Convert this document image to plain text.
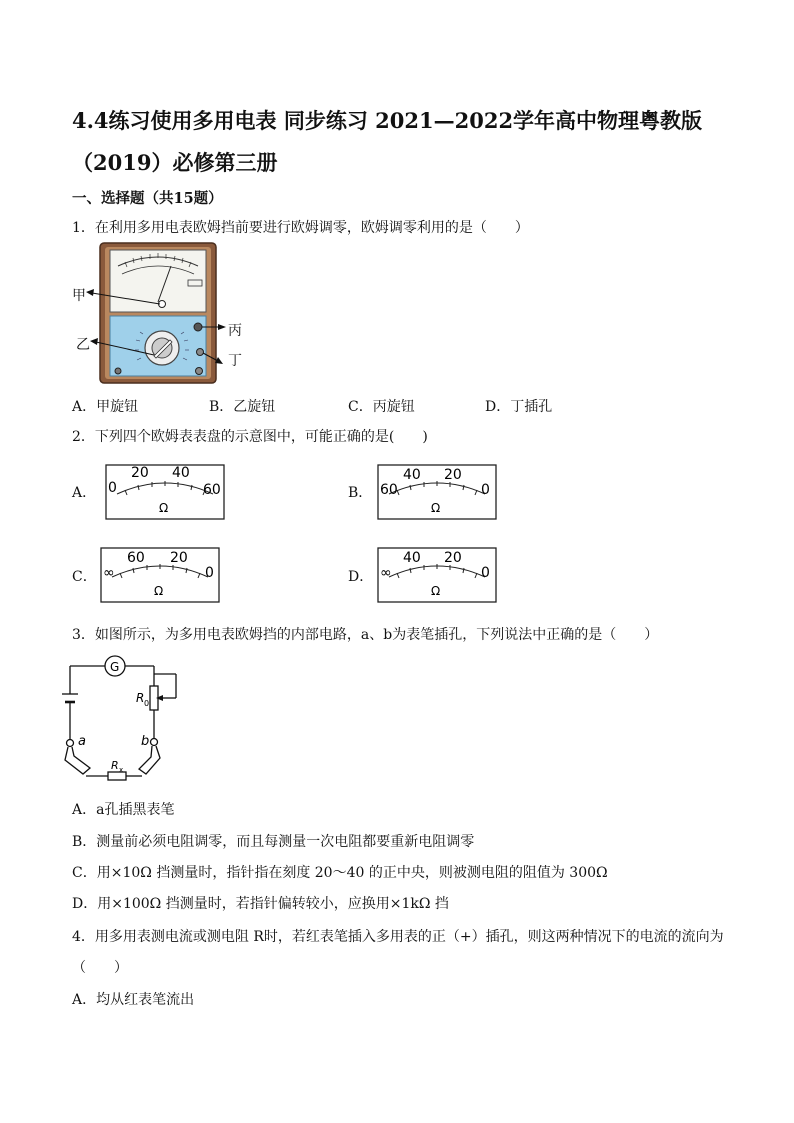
4.4练习使用多用电表 同步练习 2021—2022学年高中物理粤教版
（2019）必修第三册
一、选择题（共15题）
1．在利用多用电表欧姆挡前要进行欧姆调零，欧姆调零利用的是（　　）
甲
乙
丙
丁
A．甲旋钮	B．乙旋钮	C．丙旋钮	D．丁插孔
2．下列四个欧姆表表盘的示意图中，可能正确的是(　　)
A．	B．
C．	D．
0
20 40
60
Ω
60
40 20
0
Ω
∞
60 20
0
Ω
∞
40 20
0
Ω
3．如图所示，为多用电表欧姆挡的内部电路，a、b为表笔插孔，下列说法中正确的是（　　）
G
R 0
a	b
R x
A．a孔插黑表笔
B．测量前必须电阻调零，而且每测量一次电阻都要重新电阻调零
C．用×10Ω 挡测量时，指针指在刻度 20～40 的正中央，则被测电阻的阻值为 300Ω
D．用×100Ω 挡测量时，若指针偏转较小，应换用×1kΩ 挡
4．用多用表测电流或测电阻 R时，若红表笔插入多用表的正（+）插孔，则这两种情况下的电流的流向为
（　　）
A．均从红表笔流出
